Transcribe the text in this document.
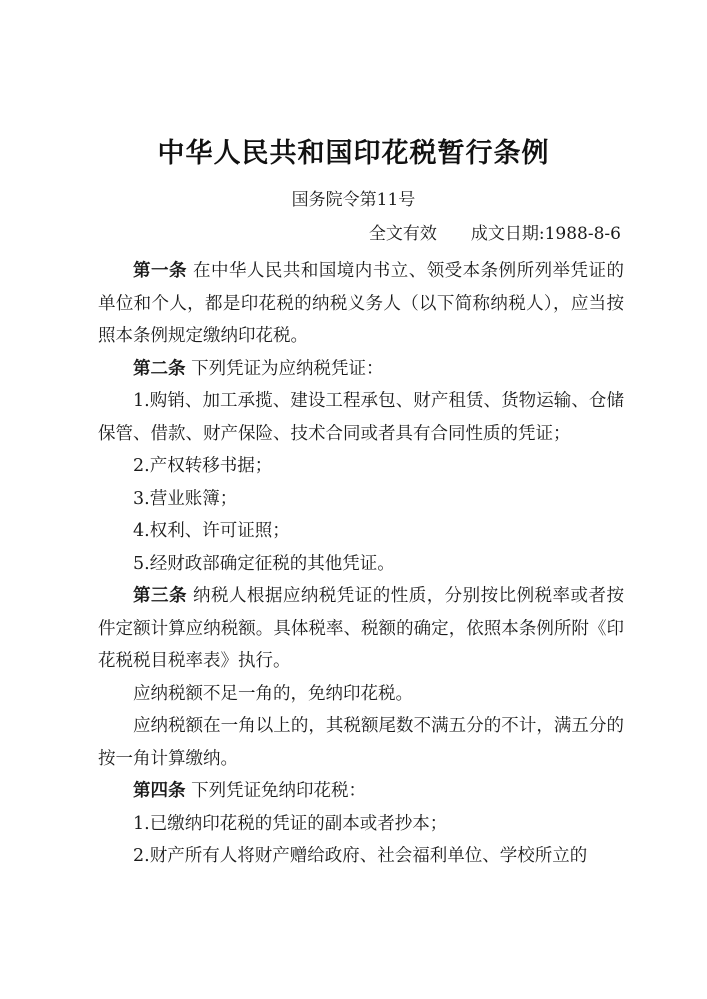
中华人民共和国印花税暂行条例
国务院令第11号
全文有效 成文日期:1988-8-6

第一条 在中华人民共和国境内书立、领受本条例所列举凭证的单位和个人，都是印花税的纳税义务人（以下简称纳税人），应当按照本条例规定缴纳印花税。

第二条 下列凭证为应纳税凭证：

1.购销、加工承揽、建设工程承包、财产租赁、货物运输、仓储保管、借款、财产保险、技术合同或者具有合同性质的凭证；

2.产权转移书据；

3.营业账簿；

4.权利、许可证照；

5.经财政部确定征税的其他凭证。

第三条 纳税人根据应纳税凭证的性质，分别按比例税率或者按件定额计算应纳税额。具体税率、税额的确定，依照本条例所附《印花税税目税率表》执行。

应纳税额不足一角的，免纳印花税。

应纳税额在一角以上的，其税额尾数不满五分的不计，满五分的按一角计算缴纳。

第四条 下列凭证免纳印花税：

1.已缴纳印花税的凭证的副本或者抄本；

2.财产所有人将财产赠给政府、社会福利单位、学校所立的
